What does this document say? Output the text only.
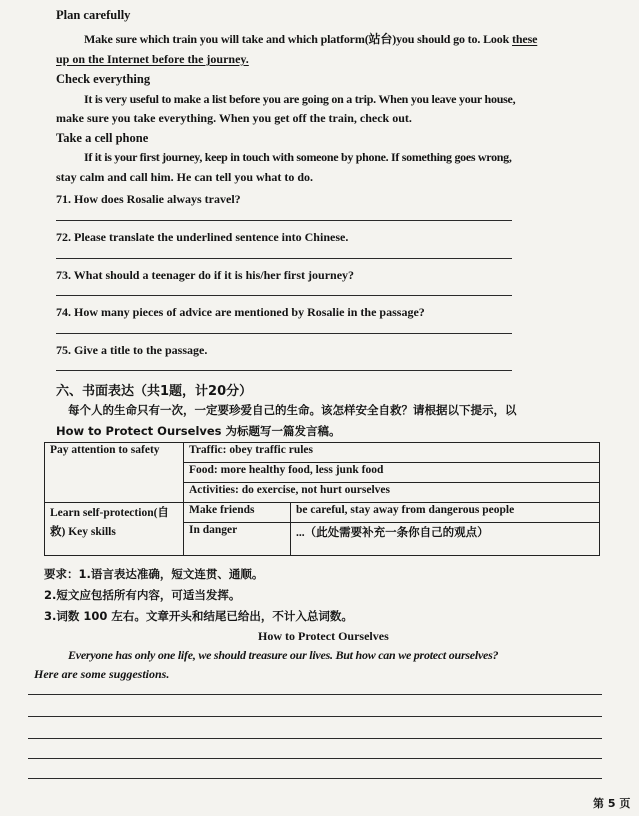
Plan carefully
Make sure which train you will take and which platform(站台)you should go to. Look these
up on the Internet before the journey.
Check everything
It is very useful to make a list before you are going on a trip. When you leave your house,
make sure you take everything. When you get off the train, check out.
Take a cell phone
If it is your first journey, keep in touch with someone by phone. If something goes wrong,
stay calm and call him. He can tell you what to do.
71. How does Rosalie always travel?
72. Please translate the underlined sentence into Chinese.
73. What should a teenager do if it is his/her first journey?
74. How many pieces of advice are mentioned by Rosalie in the passage?
75. Give a title to the passage.
六、书面表达（共1题，计20分）
每个人的生命只有一次，一定要珍爱自己的生命。该怎样安全自救？请根据以下提示，以
How to Protect Ourselves 为标题写一篇发言稿。
Pay attention to safety	Traffic: obey traffic rules	
	Food: more healthy food, less junk food	
	Activities: do exercise, not hurt ourselves	
Learn self-protection(自救) Key skills	Make friends	be careful, stay away from dangerous people
	In danger	...（此处需要补充一条你自己的观点）
要求：1.语言表达准确，短文连贯、通顺。
2.短文应包括所有内容，可适当发挥。
3.词数 100 左右。文章开头和结尾已给出，不计入总词数。
How to Protect Ourselves
Everyone has only one life, we should treasure our lives. But how can we protect ourselves?
Here are some suggestions.
第 5 页
